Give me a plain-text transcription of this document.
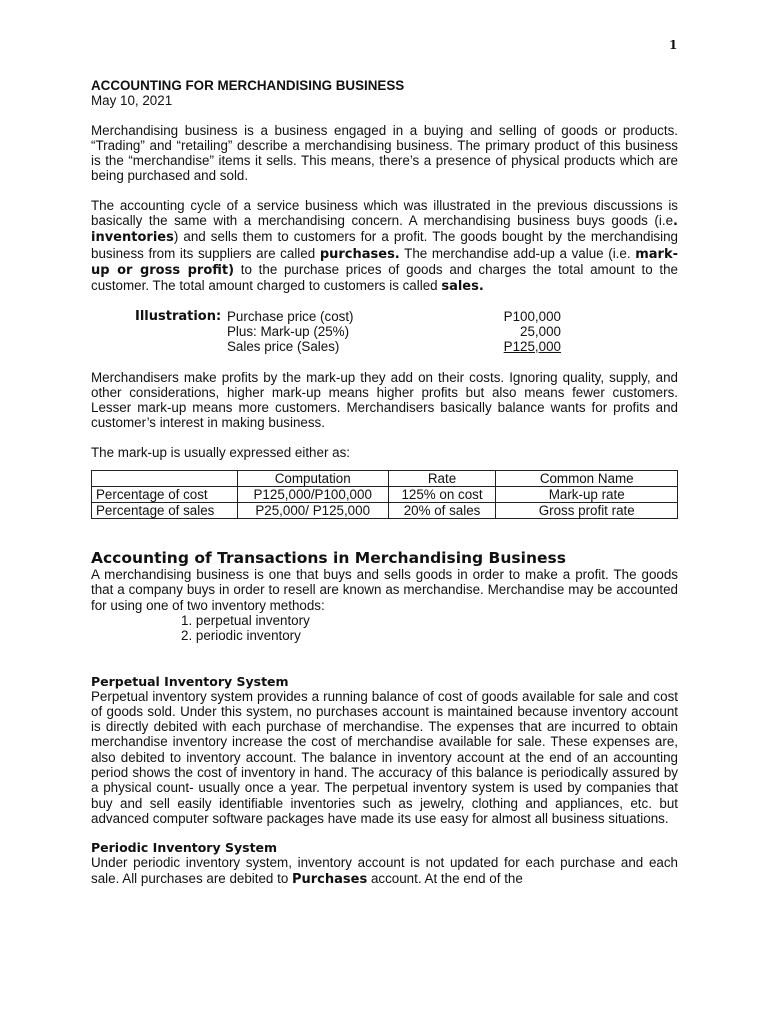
1
ACCOUNTING FOR MERCHANDISING BUSINESS

May 10, 2021

Merchandising business is a business engaged in a buying and selling of goods or products. “Trading” and “retailing” describe a merchandising business. The primary product of this business is the “merchandise” items it sells. This means, there’s a presence of physical products which are being purchased and sold.

The accounting cycle of a service business which was illustrated in the previous discussions is basically the same with a merchandising concern. A merchandising business buys goods (i.e. inventories) and sells them to customers for a profit. The goods bought by the merchandising business from its suppliers are called purchases. The merchandise add-up a value (i.e. mark-up or gross profit) to the purchase prices of goods and charges the total amount to the customer. The total amount charged to customers is called sales.

Illustration: Purchase price (cost)	P100,000
Plus: Mark-up (25%)	25,000
Sales price (Sales)	P125,000

Merchandisers make profits by the mark-up they add on their costs. Ignoring quality, supply, and other considerations, higher mark-up means higher profits but also means fewer customers. Lesser mark-up means more customers. Merchandisers basically balance wants for profits and customer’s interest in making business.

The mark-up is usually expressed either as:

	Computation	Rate	Common Name
Percentage of cost	P125,000/P100,000	125% on cost	Mark-up rate
Percentage of sales	P25,000/ P125,000	20% of sales	Gross profit rate
Accounting of Transactions in Merchandising Business

A merchandising business is one that buys and sells goods in order to make a profit. The goods that a company buys in order to resell are known as merchandise. Merchandise may be accounted for using one of two inventory methods:

1. perpetual inventory
2. periodic inventory
Perpetual Inventory System

Perpetual inventory system provides a running balance of cost of goods available for sale and cost of goods sold. Under this system, no purchases account is maintained because inventory account is directly debited with each purchase of merchandise. The expenses that are incurred to obtain merchandise inventory increase the cost of merchandise available for sale. These expenses are, also debited to inventory account. The balance in inventory account at the end of an accounting period shows the cost of inventory in hand. The accuracy of this balance is periodically assured by a physical count- usually once a year. The perpetual inventory system is used by companies that buy and sell easily identifiable inventories such as jewelry, clothing and appliances, etc. but advanced computer software packages have made its use easy for almost all business situations.

Periodic Inventory System

Under periodic inventory system, inventory account is not updated for each purchase and each sale. All purchases are debited to Purchases account. At the end of the
